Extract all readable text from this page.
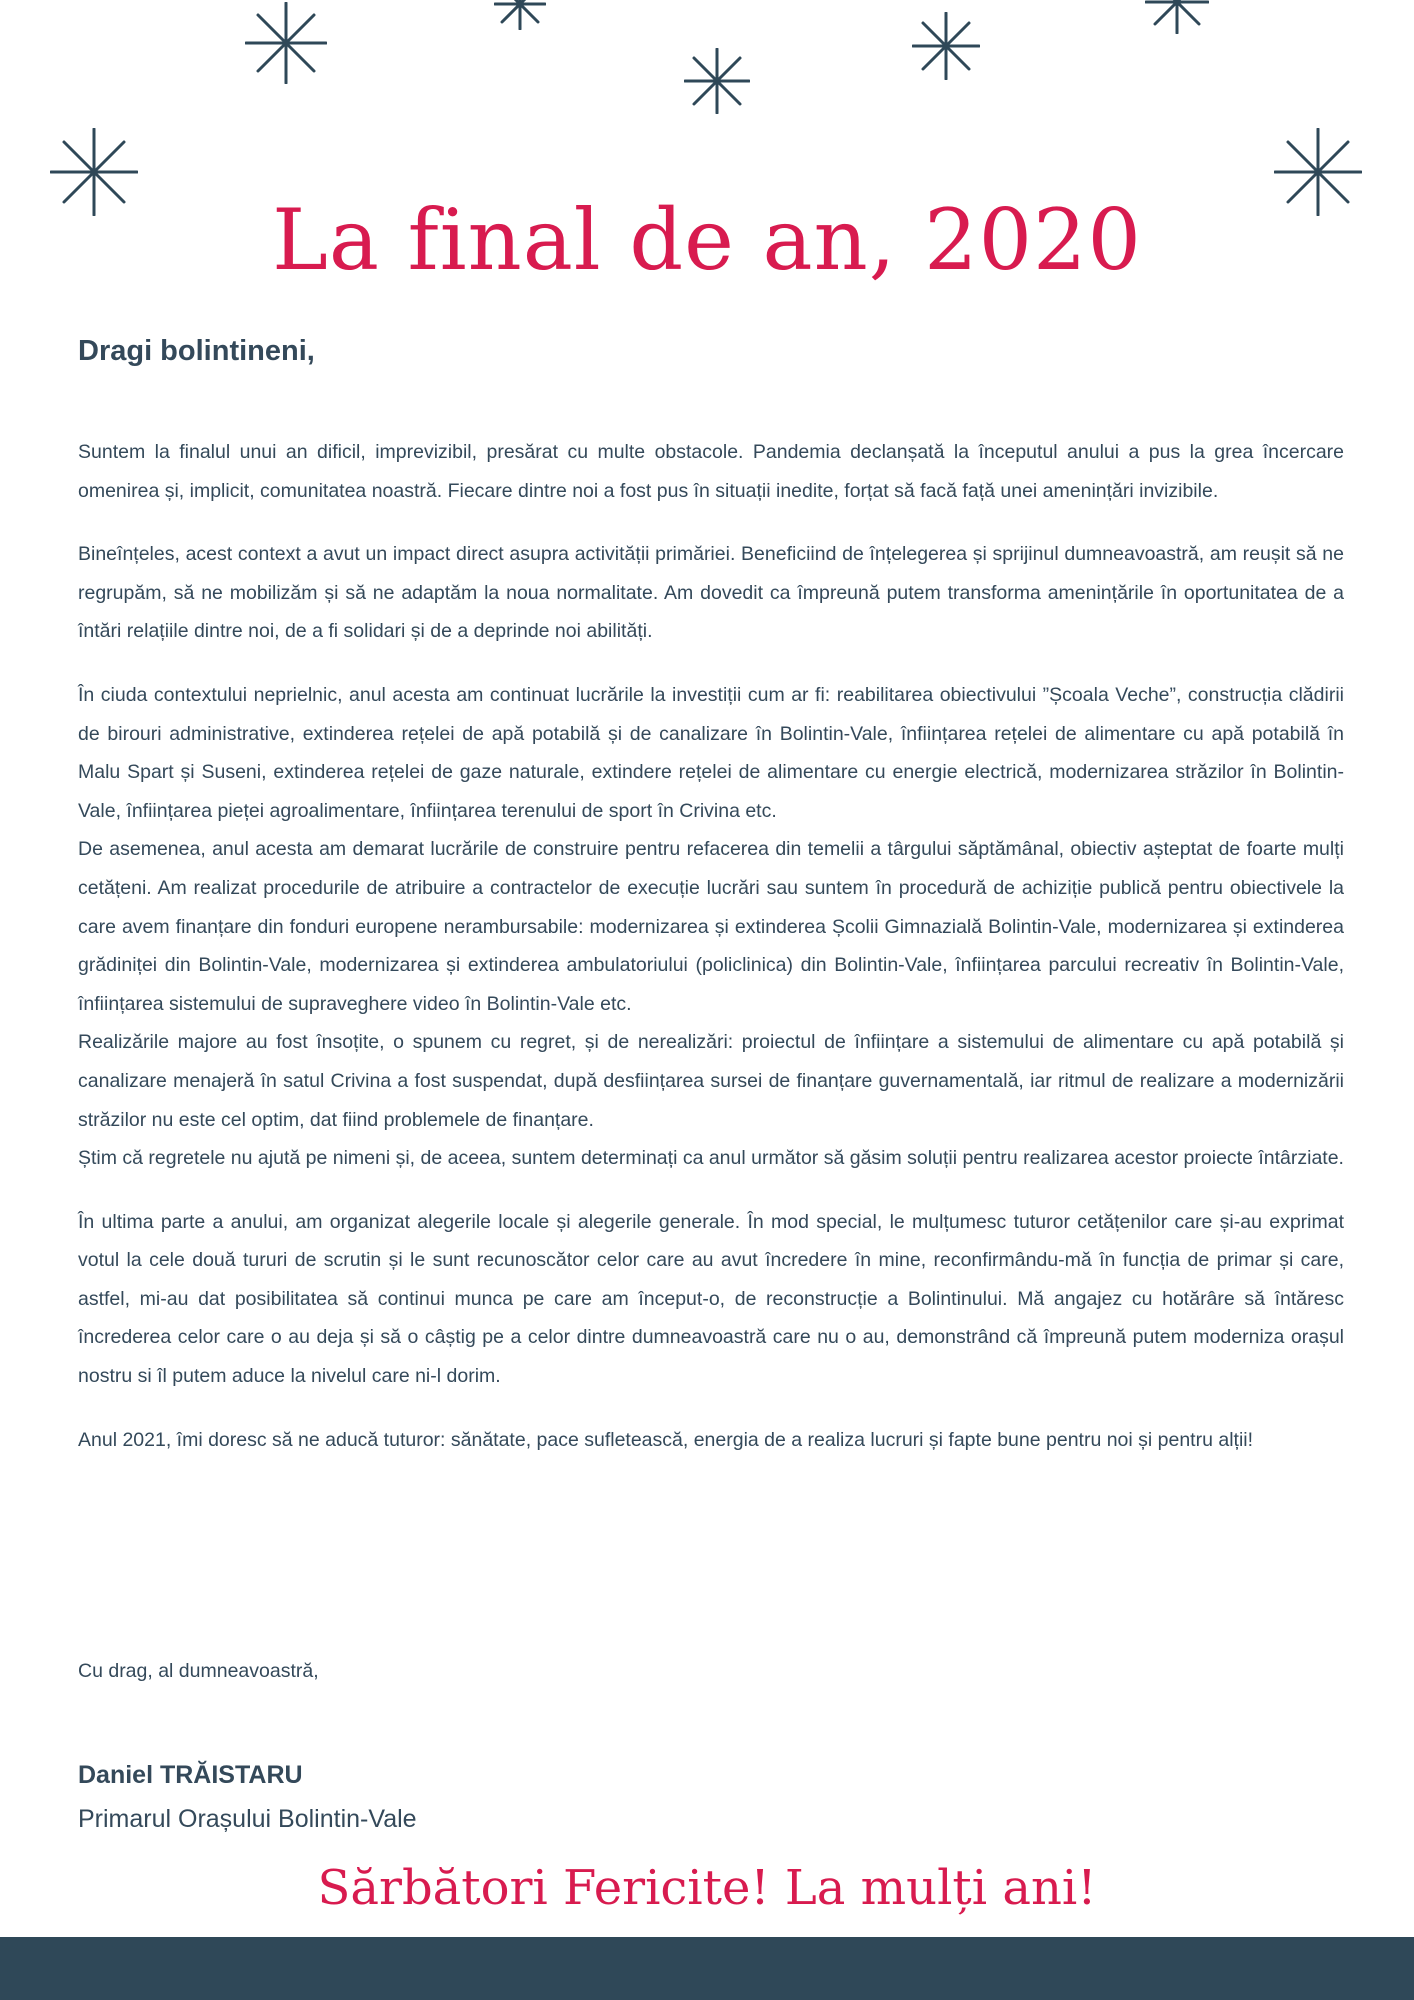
La final de an, 2020
Dragi bolintineni,

Suntem la finalul unui an dificil, imprevizibil, presărat cu multe obstacole. Pandemia declanșată la începutul anului a pus la grea încercare omenirea și, implicit, comunitatea noastră. Fiecare dintre noi a fost pus în situații inedite, forțat să facă față unei amenințări invizibile.

Bineînțeles, acest context a avut un impact direct asupra activității primăriei. Beneficiind de înțelegerea și sprijinul dumneavoastră, am reușit să ne regrupăm, să ne mobilizăm și să ne adaptăm la noua normalitate. Am dovedit ca împreună putem transforma amenințările în oportunitatea de a întări relațiile dintre noi, de a fi solidari și de a deprinde noi abilități.

În ciuda contextului neprielnic, anul acesta am continuat lucrările la investiții cum ar fi: reabilitarea obiectivului ”Școala Veche”, construcția clădirii de birouri administrative, extinderea rețelei de apă potabilă și de canalizare în Bolintin-Vale, înființarea rețelei de alimentare cu apă potabilă în Malu Spart și Suseni, extinderea rețelei de gaze naturale, extindere rețelei de alimentare cu energie electrică, modernizarea străzilor în Bolintin-Vale, înființarea pieței agroalimentare, înființarea terenului de sport în Crivina etc.

De asemenea, anul acesta am demarat lucrările de construire pentru refacerea din temelii a târgului săptămânal, obiectiv așteptat de foarte mulți cetățeni. Am realizat procedurile de atribuire a contractelor de execuție lucrări sau suntem în procedură de achiziție publică pentru obiectivele la care avem finanțare din fonduri europene nerambursabile: modernizarea și extinderea Școlii Gimnazială Bolintin-Vale, modernizarea și extinderea grădiniței din Bolintin-Vale, modernizarea și extinderea ambulatoriului (policlinica) din Bolintin-Vale, înființarea parcului recreativ în Bolintin-Vale, înființarea sistemului de supraveghere video în Bolintin-Vale etc.

Realizările majore au fost însoțite, o spunem cu regret, și de nerealizări: proiectul de înființare a sistemului de alimentare cu apă potabilă și canalizare menajeră în satul Crivina a fost suspendat, după desființarea sursei de finanțare guvernamentală, iar ritmul de realizare a modernizării străzilor nu este cel optim, dat fiind problemele de finanțare.

Știm că regretele nu ajută pe nimeni și, de aceea, suntem determinați ca anul următor să găsim soluții pentru realizarea acestor proiecte întârziate.

În ultima parte a anului, am organizat alegerile locale și alegerile generale. În mod special, le mulțumesc tuturor cetățenilor care și-au exprimat votul la cele două tururi de scrutin și le sunt recunoscător celor care au avut încredere în mine, reconfirmându-mă în funcția de primar și care, astfel, mi-au dat posibilitatea să continui munca pe care am început-o, de reconstrucție a Bolintinului. Mă angajez cu hotărâre să întăresc încrederea celor care o au deja și să o câștig pe a celor dintre dumneavoastră care nu o au, demonstrând că împreună putem moderniza orașul nostru si îl putem aduce la nivelul care ni-l dorim.

Anul 2021, îmi doresc să ne aducă tuturor: sănătate, pace sufletească, energia de a realiza lucruri și fapte bune pentru noi și pentru alții!

Cu drag, al dumneavoastră,

Daniel TRĂISTARU

Primarul Orașului Bolintin-Vale

Sărbători Fericite! La mulți ani!
